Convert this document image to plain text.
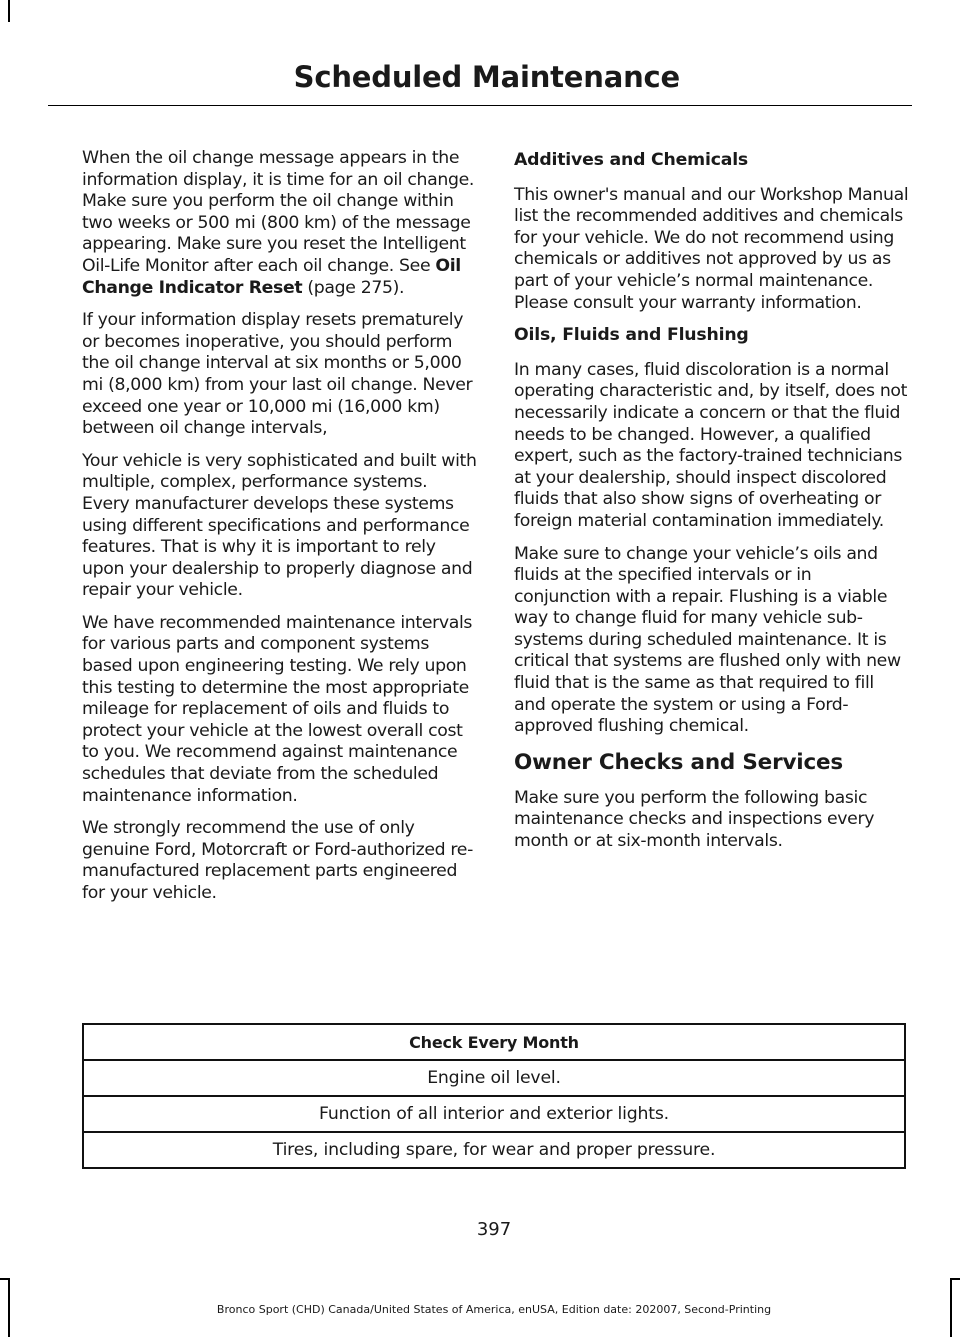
Scheduled Maintenance

When the oil change message appears in the information display, it is time for an oil change. Make sure you perform the oil change within two weeks or 500 mi (800 km) of the message appearing. Make sure you reset the Intelligent Oil-Life Monitor after each oil change. See Oil Change Indicator Reset (page 275).

If your information display resets prematurely or becomes inoperative, you should perform the oil change interval at six months or 5,000 mi (8,000 km) from your last oil change. Never exceed one year or 10,000 mi (16,000 km) between oil change intervals,

Your vehicle is very sophisticated and built with multiple, complex, performance systems. Every manufacturer develops these systems using different specifications and performance features. That is why it is important to rely upon your dealership to properly diagnose and repair your vehicle.

We have recommended maintenance intervals for various parts and component systems based upon engineering testing. We rely upon this testing to determine the most appropriate mileage for replacement of oils and fluids to protect your vehicle at the lowest overall cost to you. We recommend against maintenance schedules that deviate from the scheduled maintenance information.

We strongly recommend the use of only genuine Ford, Motorcraft or Ford-authorized re-manufactured replacement parts engineered for your vehicle.

Additives and Chemicals

This owner's manual and our Workshop Manual list the recommended additives and chemicals for your vehicle. We do not recommend using chemicals or additives not approved by us as part of your vehicle’s normal maintenance. Please consult your warranty information.

Oils, Fluids and Flushing

In many cases, fluid discoloration is a normal operating characteristic and, by itself, does not necessarily indicate a concern or that the fluid needs to be changed. However, a qualified expert, such as the factory-trained technicians at your dealership, should inspect discolored fluids that also show signs of overheating or foreign material contamination immediately.

Make sure to change your vehicle’s oils and fluids at the specified intervals or in conjunction with a repair. Flushing is a viable way to change fluid for many vehicle sub-systems during scheduled maintenance. It is critical that systems are flushed only with new fluid that is the same as that required to fill and operate the system or using a Ford-approved flushing chemical.

Owner Checks and Services

Make sure you perform the following basic maintenance checks and inspections every month or at six-month intervals.

Check Every Month
Engine oil level.
Function of all interior and exterior lights.
Tires, including spare, for wear and proper pressure.
397
Bronco Sport (CHD) Canada/United States of America, enUSA, Edition date: 202007, Second-Printing
